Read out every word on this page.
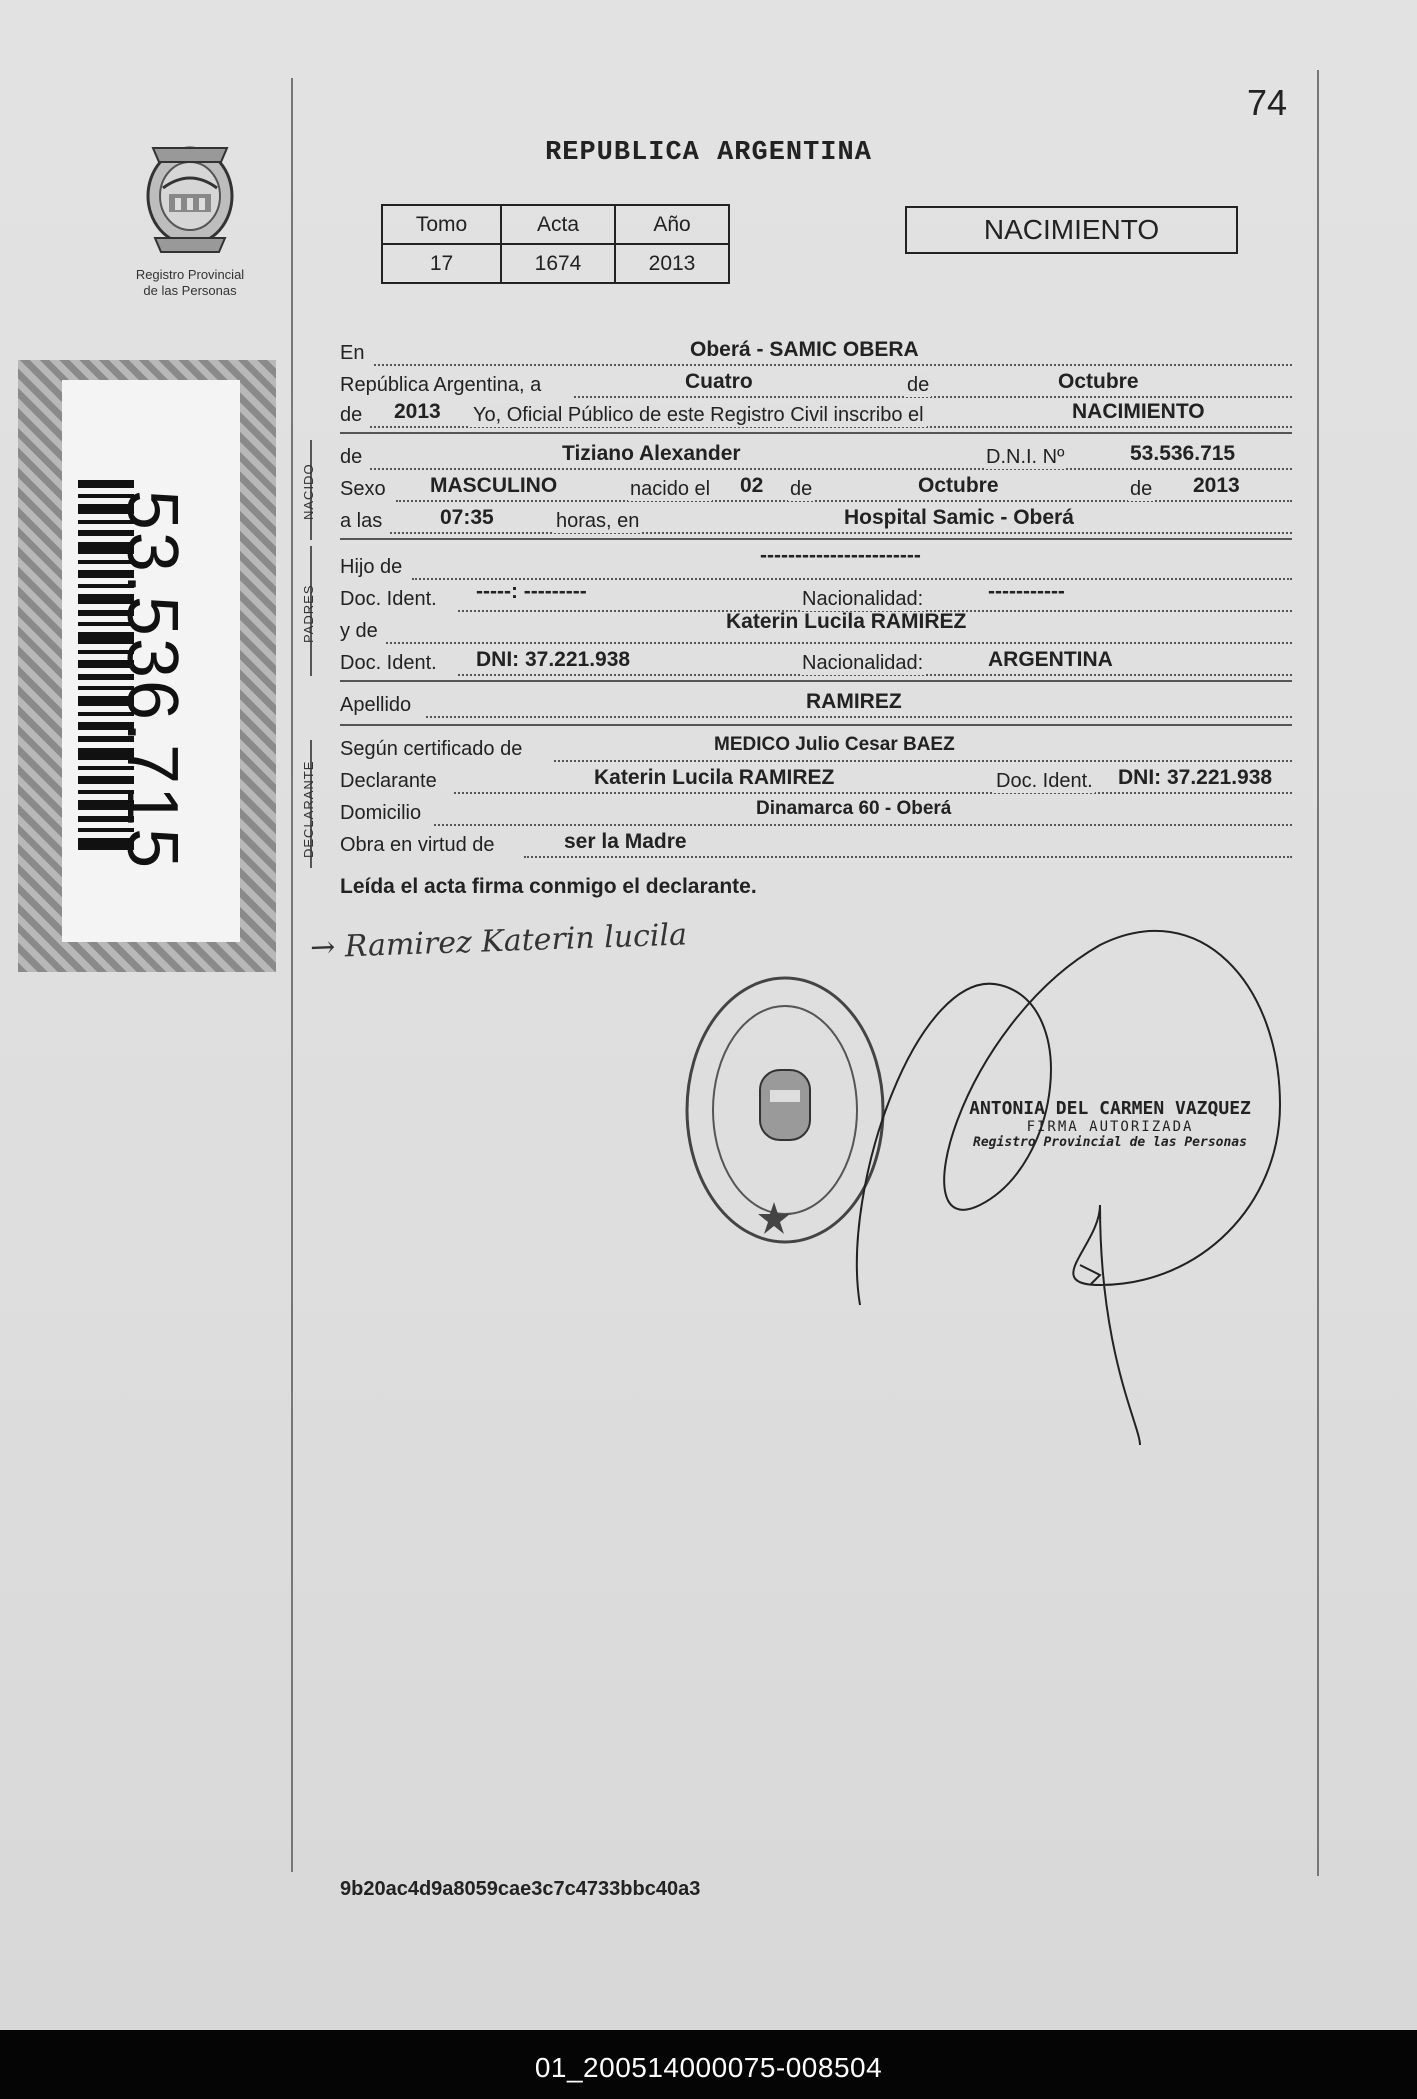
74
REPUBLICA ARGENTINA
Registro Provincial
de las Personas
Tomo	Acta	Año
17	1674	2013
NACIMIENTO
53.536.715
En	Oberá - SAMIC OBERA
República Argentina, a	Cuatro	de	Octubre
de 2013 Yo, Oficial Público de este Registro Civil inscribo el	NACIMIENTO
NACIDO
de	Tiziano Alexander	D.N.I. Nº	53.536.715
Sexo MASCULINO	nacido el 02 de	Octubre	de 2013
a las	07:35	horas, en	Hospital Samic - Oberá
PADRES
Hijo de	-----------------------
Doc. Ident. -----: ---------	Nacionalidad:	-----------
y de	Katerin Lucila RAMIREZ
Doc. Ident. DNI: 37.221.938	Nacionalidad:	ARGENTINA
Apellido	RAMIREZ
DECLARANTE
Según certificado de	MEDICO Julio Cesar BAEZ
Declarante	Katerin Lucila RAMIREZ	Doc. Ident. DNI: 37.221.938
Domicilio	Dinamarca 60 - Oberá
Obra en virtud de	ser la Madre
Leída el acta firma conmigo el declarante.
→ Ramirez Katerin lucila
ANTONIA DEL CARMEN VAZQUEZ
FIRMA AUTORIZADA
Registro Provincial de las Personas
9b20ac4d9a8059cae3c7c4733bbc40a3
01_200514000075-008504
